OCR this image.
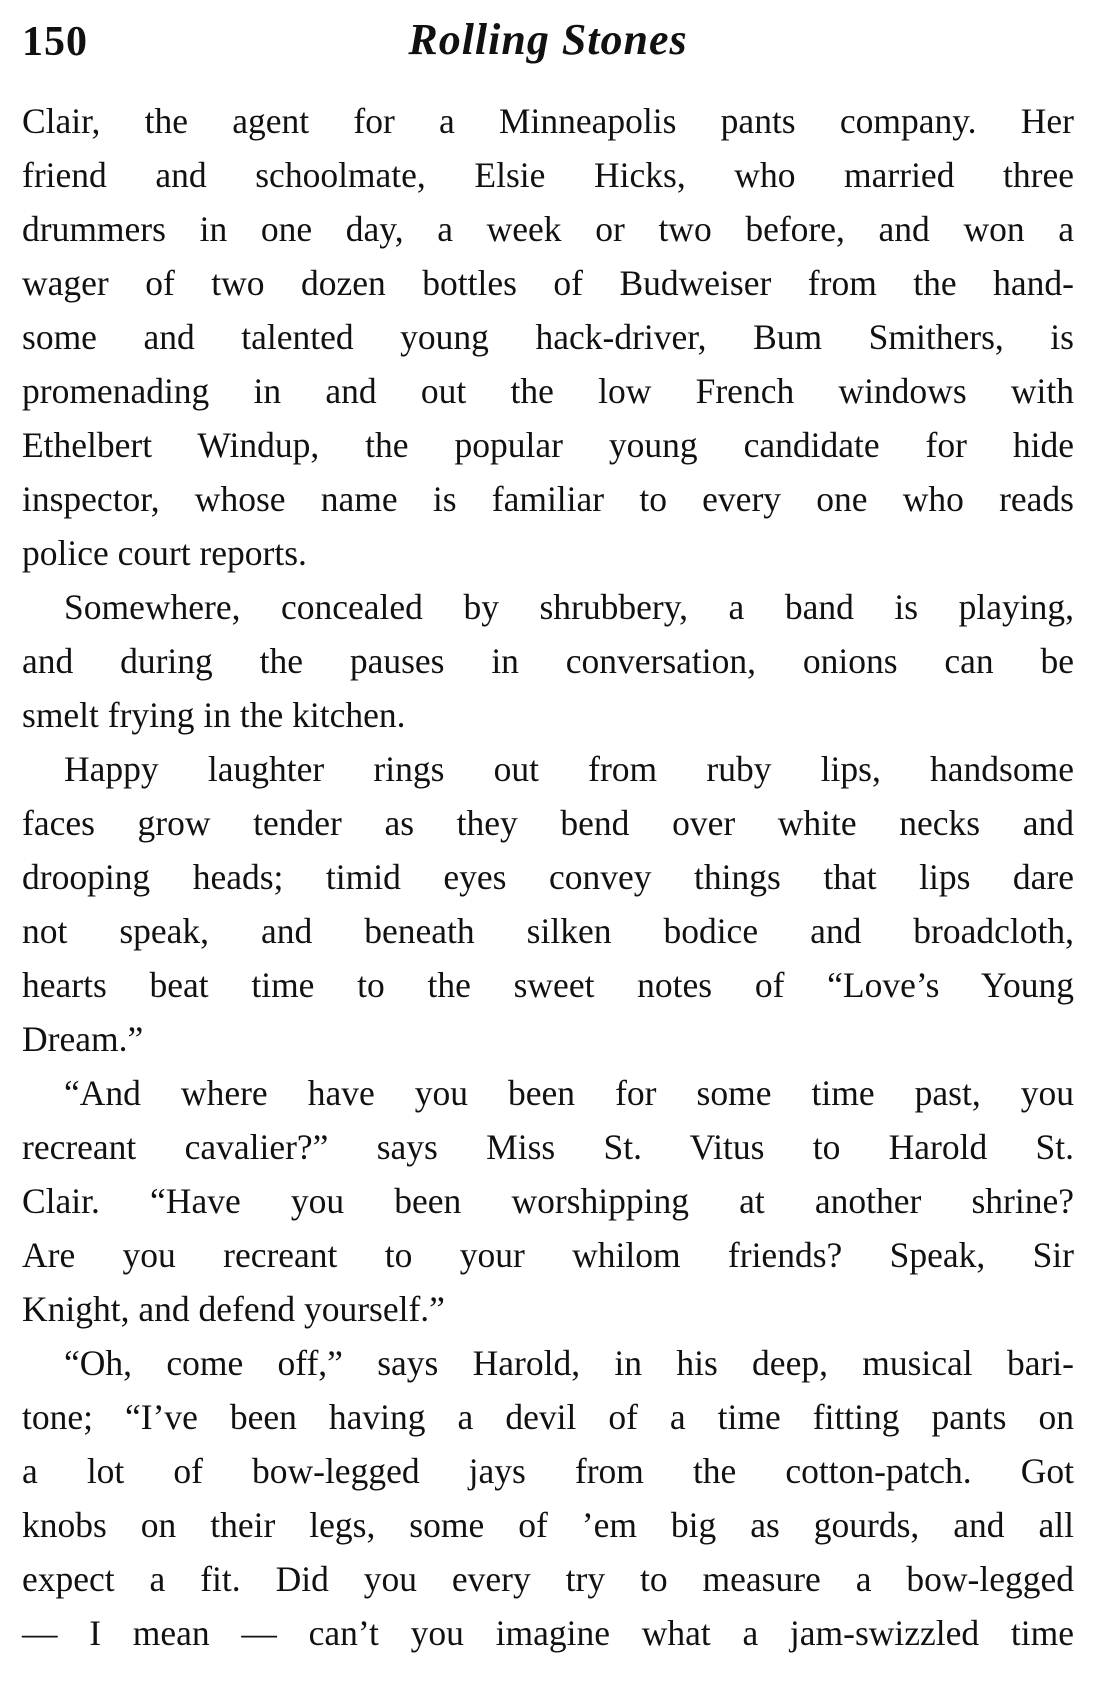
150	Rolling Stones

Clair, the agent for a Minneapolis pants company. Her
friend and schoolmate, Elsie Hicks, who married three
drummers in one day, a week or two before, and won a
wager of two dozen bottles of Budweiser from the hand-
some and talented young hack-driver, Bum Smithers, is
promenading in and out the low French windows with
Ethelbert Windup, the popular young candidate for hide
inspector, whose name is familiar to every one who reads
police court reports.

Somewhere, concealed by shrubbery, a band is playing,
and during the pauses in conversation, onions can be
smelt frying in the kitchen.

Happy laughter rings out from ruby lips, handsome
faces grow tender as they bend over white necks and
drooping heads; timid eyes convey things that lips dare
not speak, and beneath silken bodice and broadcloth,
hearts beat time to the sweet notes of “Love’s Young
Dream.”

“And where have you been for some time past, you
recreant cavalier?” says Miss St. Vitus to Harold St.
Clair. “Have you been worshipping at another shrine?
Are you recreant to your whilom friends? Speak, Sir
Knight, and defend yourself.”

“Oh, come off,” says Harold, in his deep, musical bari-
tone; “I’ve been having a devil of a time fitting pants on
a lot of bow-legged jays from the cotton-patch. Got
knobs on their legs, some of ’em big as gourds, and all
expect a fit. Did you every try to measure a bow-legged
— I mean — can’t you imagine what a jam-swizzled time
